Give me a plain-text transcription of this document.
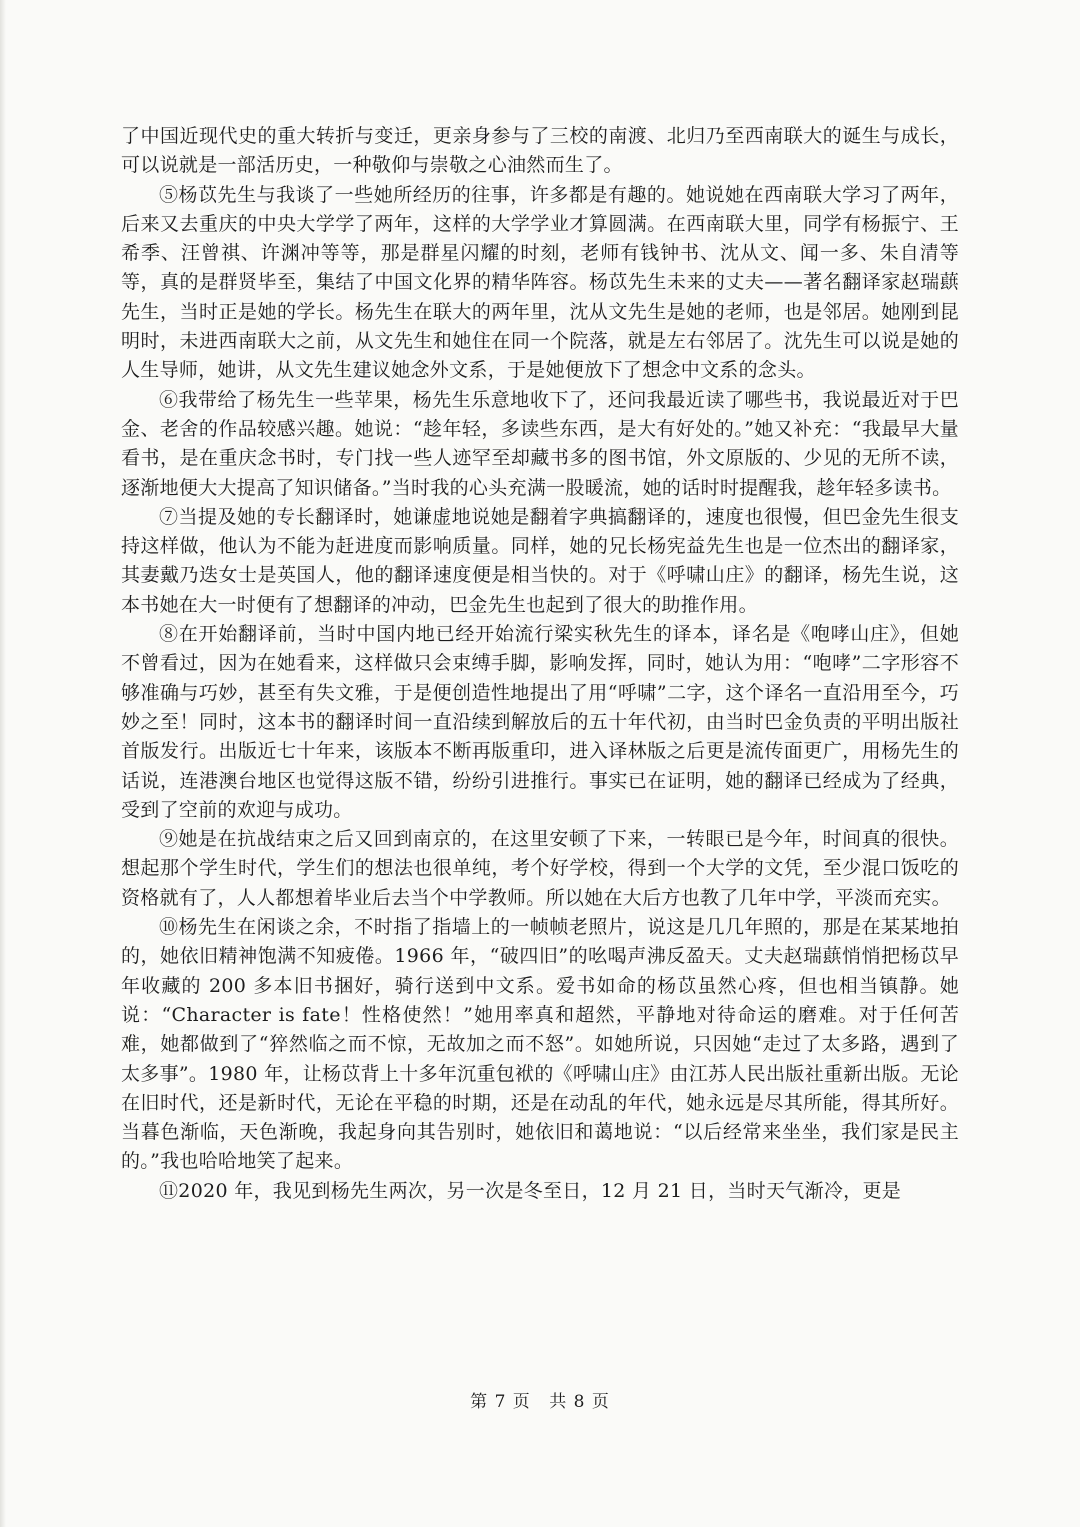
了中国近现代史的重大转折与变迁，更亲身参与了三校的南渡、北归乃至西南联大的诞生与成长，可以说就是一部活历史，一种敬仰与崇敬之心油然而生了。

⑤杨苡先生与我谈了一些她所经历的往事，许多都是有趣的。她说她在西南联大学习了两年，后来又去重庆的中央大学学了两年，这样的大学学业才算圆满。在西南联大里，同学有杨振宁、王希季、汪曾祺、许渊冲等等，那是群星闪耀的时刻，老师有钱钟书、沈从文、闻一多、朱自清等等，真的是群贤毕至，集结了中国文化界的精华阵容。杨苡先生未来的丈夫——著名翻译家赵瑞蕻先生，当时正是她的学长。杨先生在联大的两年里，沈从文先生是她的老师，也是邻居。她刚到昆明时，未进西南联大之前，从文先生和她住在同一个院落，就是左右邻居了。沈先生可以说是她的人生导师，她讲，从文先生建议她念外文系，于是她便放下了想念中文系的念头。

⑥我带给了杨先生一些苹果，杨先生乐意地收下了，还问我最近读了哪些书，我说最近对于巴金、老舍的作品较感兴趣。她说：“趁年轻，多读些东西，是大有好处的。”她又补充：“我最早大量看书，是在重庆念书时，专门找一些人迹罕至却藏书多的图书馆，外文原版的、少见的无所不读，逐渐地便大大提高了知识储备。”当时我的心头充满一股暖流，她的话时时提醒我，趁年轻多读书。

⑦当提及她的专长翻译时，她谦虚地说她是翻着字典搞翻译的，速度也很慢，但巴金先生很支持这样做，他认为不能为赶进度而影响质量。同样，她的兄长杨宪益先生也是一位杰出的翻译家，其妻戴乃迭女士是英国人，他的翻译速度便是相当快的。对于《呼啸山庄》的翻译，杨先生说，这本书她在大一时便有了想翻译的冲动，巴金先生也起到了很大的助推作用。

⑧在开始翻译前，当时中国内地已经开始流行梁实秋先生的译本，译名是《咆哮山庄》，但她不曾看过，因为在她看来，这样做只会束缚手脚，影响发挥，同时，她认为用：“咆哮”二字形容不够准确与巧妙，甚至有失文雅，于是便创造性地提出了用“呼啸”二字，这个译名一直沿用至今，巧妙之至！同时，这本书的翻译时间一直沿续到解放后的五十年代初，由当时巴金负责的平明出版社首版发行。出版近七十年来，该版本不断再版重印，进入译林版之后更是流传面更广，用杨先生的话说，连港澳台地区也觉得这版不错，纷纷引进推行。事实已在证明，她的翻译已经成为了经典，受到了空前的欢迎与成功。

⑨她是在抗战结束之后又回到南京的，在这里安顿了下来，一转眼已是今年，时间真的很快。想起那个学生时代，学生们的想法也很单纯，考个好学校，得到一个大学的文凭，至少混口饭吃的资格就有了，人人都想着毕业后去当个中学教师。所以她在大后方也教了几年中学，平淡而充实。

⑩杨先生在闲谈之余，不时指了指墙上的一帧帧老照片，说这是几几年照的，那是在某某地拍的，她依旧精神饱满不知疲倦。1966 年，“破四旧”的吆喝声沸反盈天。丈夫赵瑞蕻悄悄把杨苡早年收藏的 200 多本旧书捆好，骑行送到中文系。爱书如命的杨苡虽然心疼，但也相当镇静。她说：“Character is fate！性格使然！”她用率真和超然，平静地对待命运的磨难。对于任何苦难，她都做到了“猝然临之而不惊，无故加之而不怒”。如她所说，只因她“走过了太多路，遇到了太多事”。1980 年，让杨苡背上十多年沉重包袱的《呼啸山庄》由江苏人民出版社重新出版。无论在旧时代，还是新时代，无论在平稳的时期，还是在动乱的年代，她永远是尽其所能，得其所好。当暮色渐临，天色渐晚，我起身向其告别时，她依旧和蔼地说：“以后经常来坐坐，我们家是民主的。”我也哈哈地笑了起来。

⑪2020 年，我见到杨先生两次，另一次是冬至日，12 月 21 日，当时天气渐冷，更是

第 7 页 共 8 页
